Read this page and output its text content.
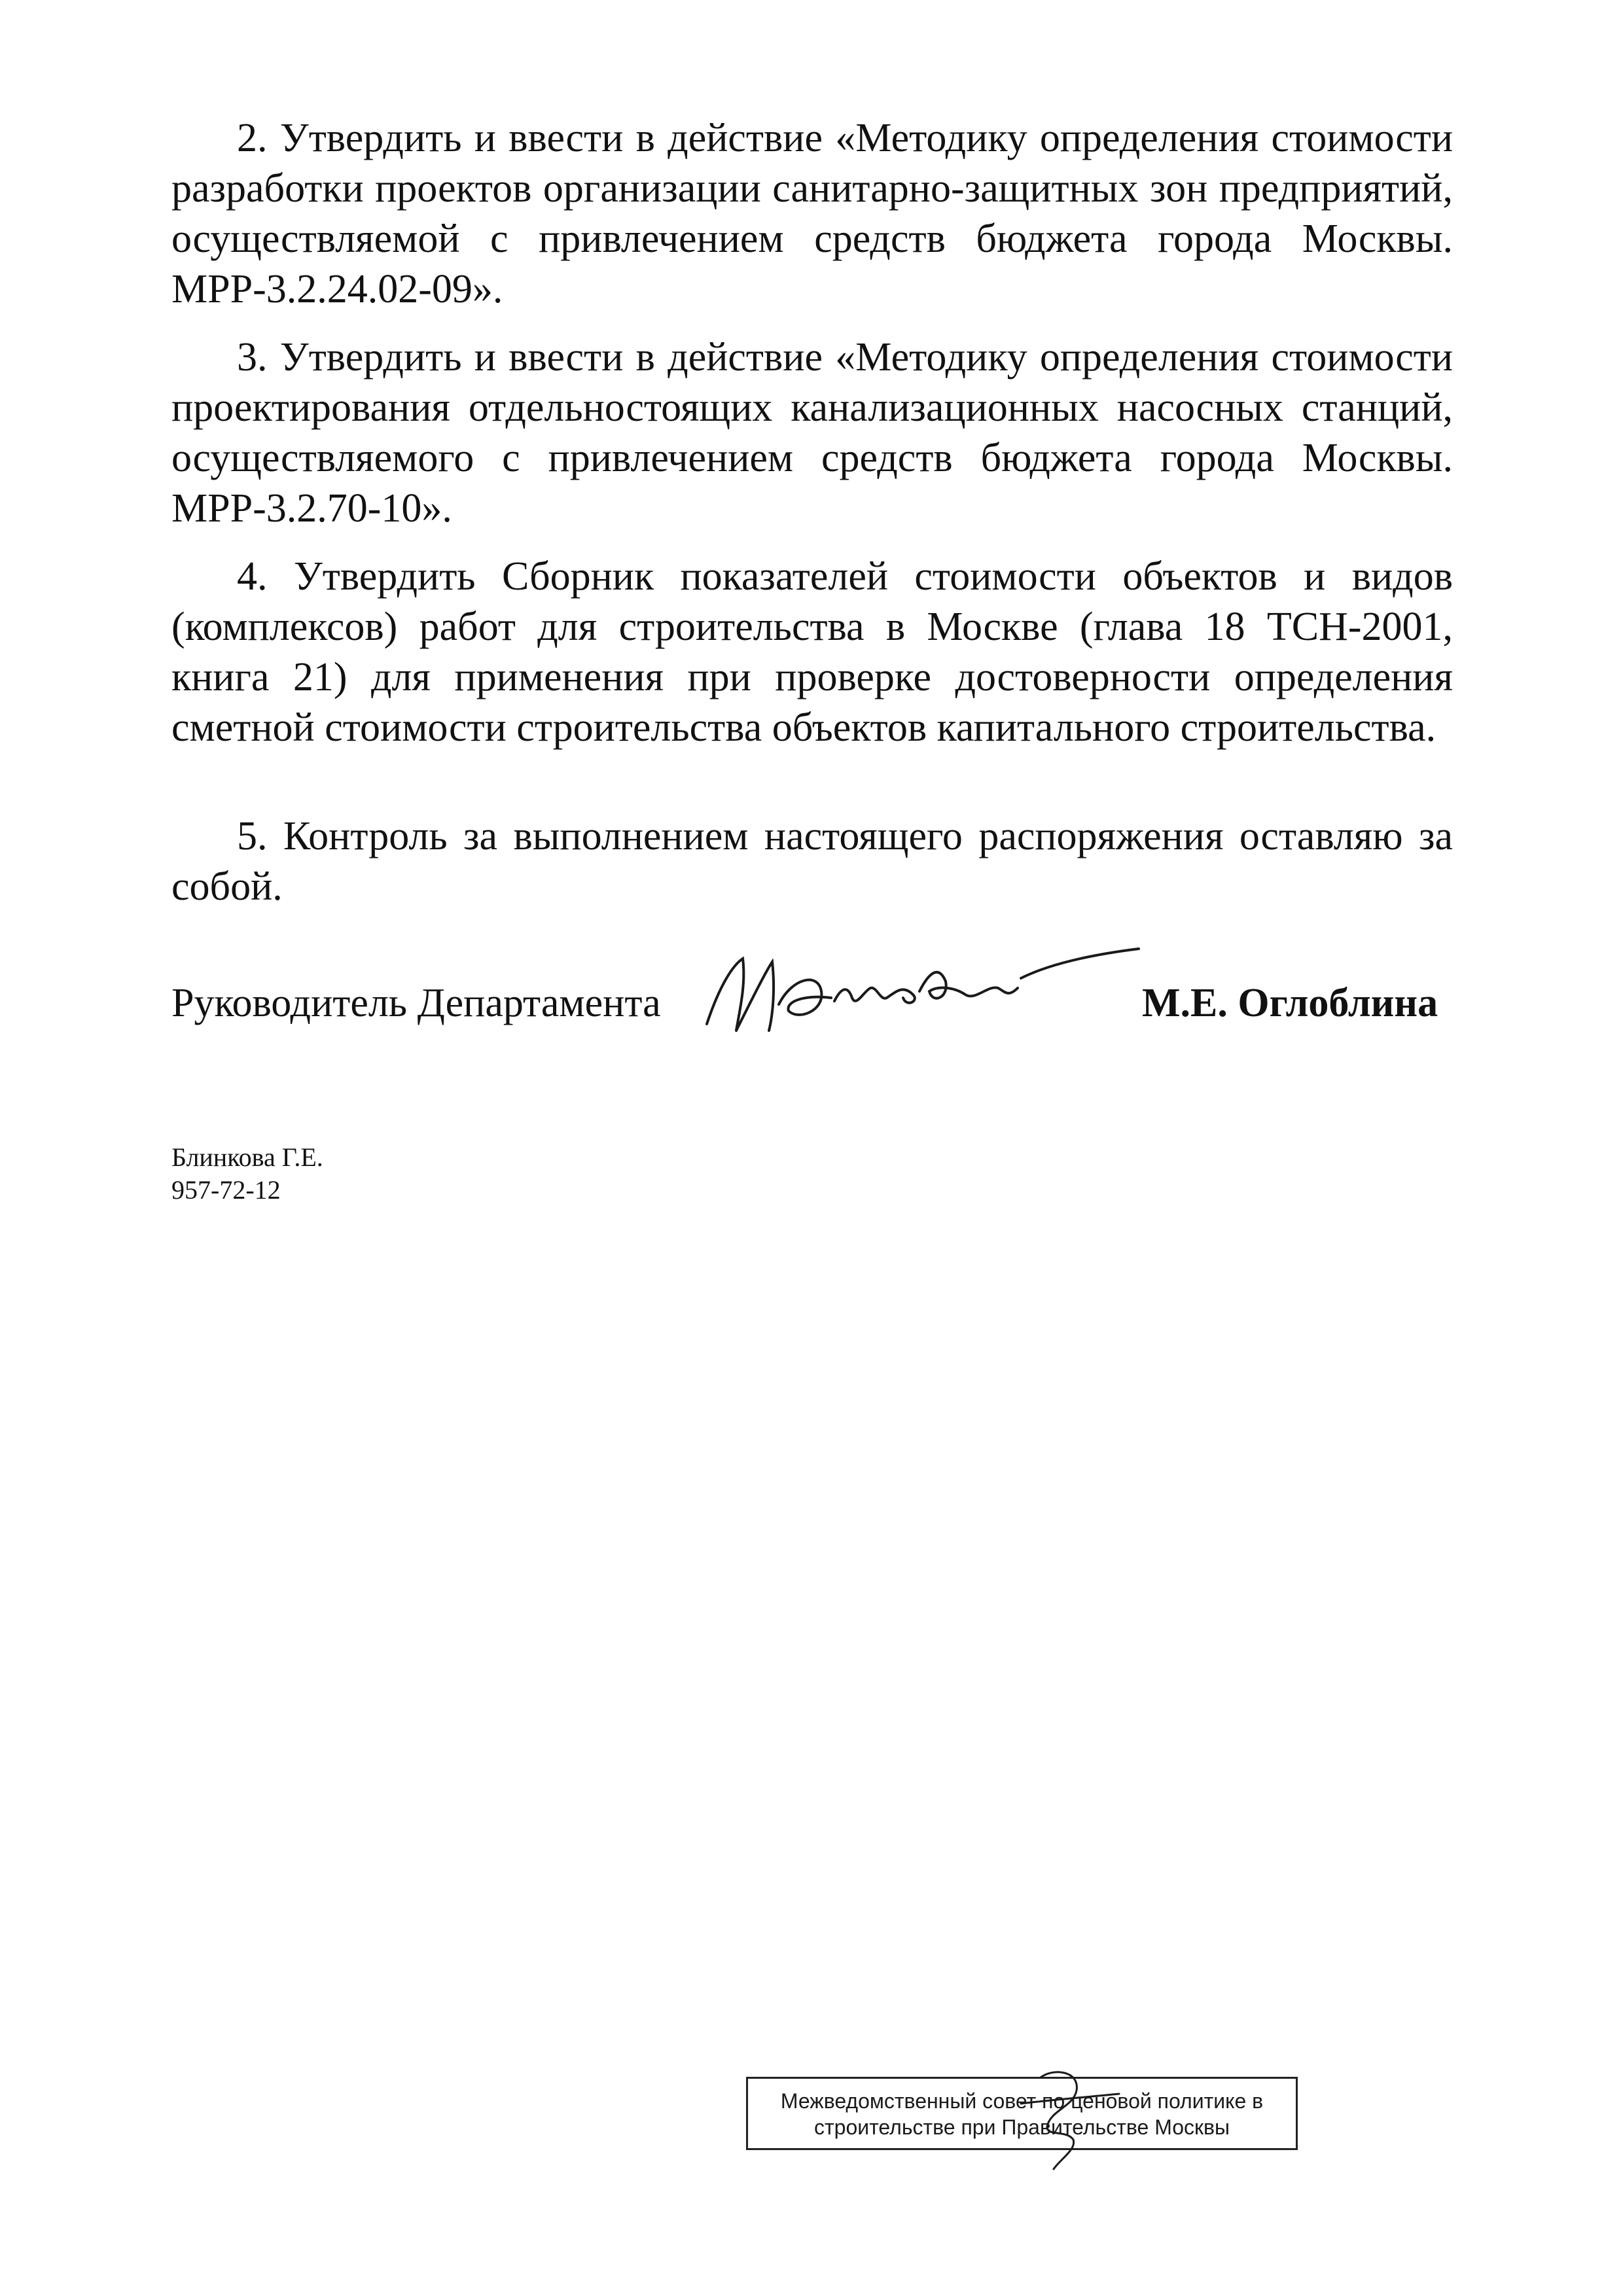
2. Утвердить и ввести в действие «Методику определения стоимости разработки проектов организации санитарно-защитных зон предприятий, осуществляемой с привлечением средств бюджета города Москвы. МРР-3.2.24.02-09».

3. Утвердить и ввести в действие «Методику определения стоимости проектирования отдельностоящих канализационных насосных станций, осуществляемого с привлечением средств бюджета города Москвы. МРР-3.2.70-10».

4. Утвердить Сборник показателей стоимости объектов и видов (комплексов) работ для строительства в Москве (глава 18 ТСН-2001, книга 21) для применения при проверке достоверности определения сметной стоимости строительства объектов капитального строительства.

5. Контроль за выполнением настоящего распоряжения оставляю за собой.

Руководитель Департамента	М.Е. Оглоблина

Блинкова Г.Е.

957-72-12

Межведомственный совет по ценовой политике в
строительстве при Правительстве Москвы
